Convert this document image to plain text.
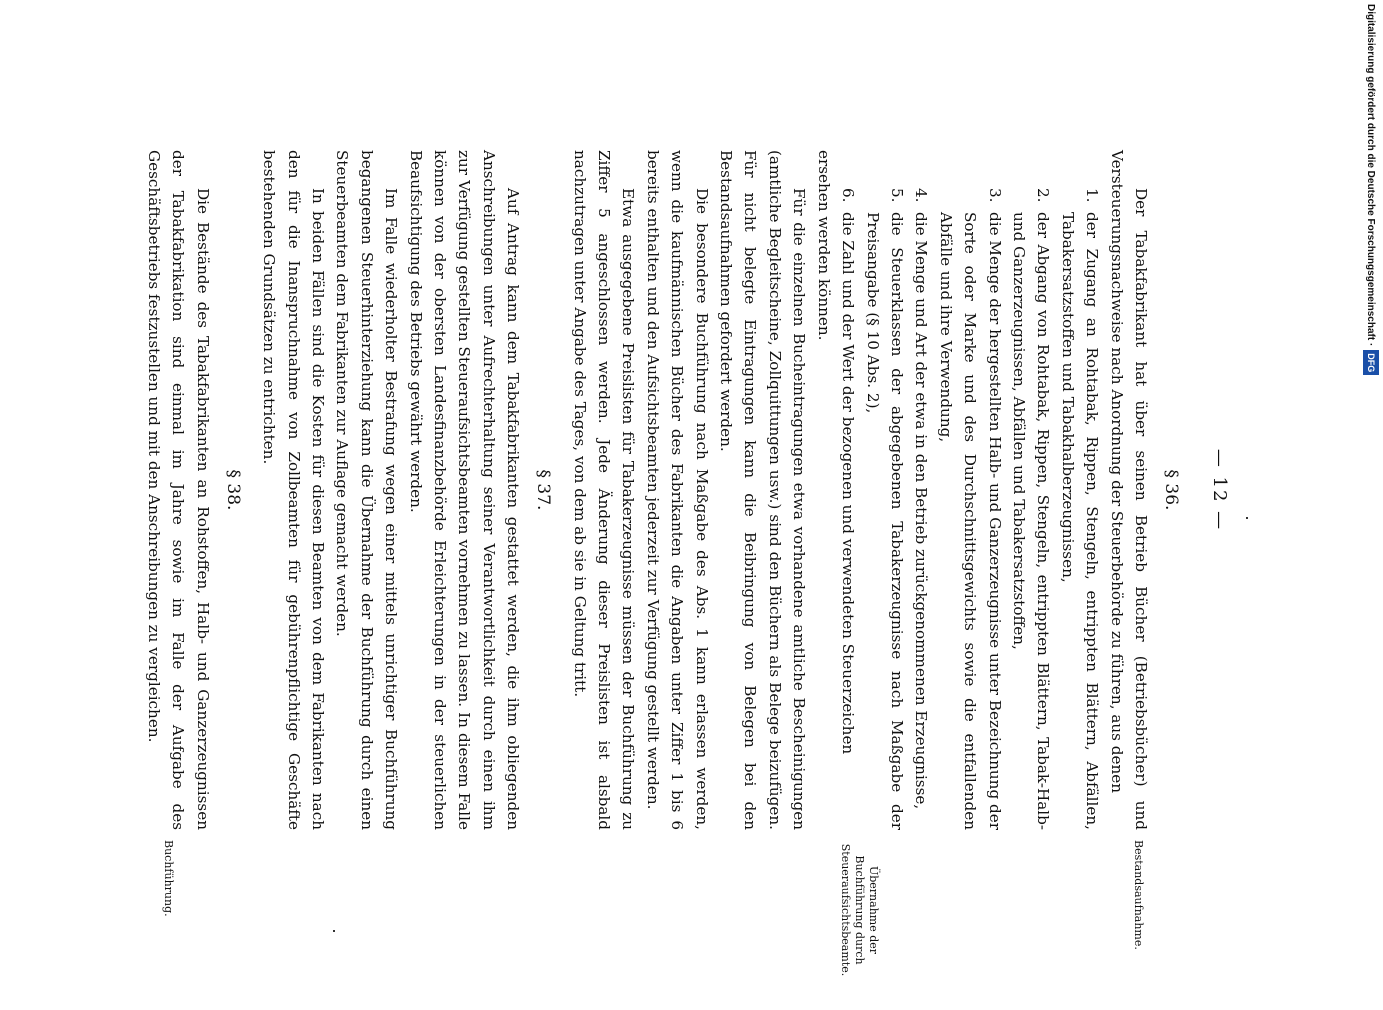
— 12 —
§ 36.

Der Tabakfabrikant hat über seinen Betrieb Bücher (Betriebsbücher) und Versteuerungsnachweise nach Anordnung der Steuerbehörde zu führen, aus denen

1.
der Zugang an Rohtabak, Rippen, Stengeln, entrippten Blättern, Abfällen, Tabakersatzstoffen und Tabakhalberzeugnissen,
2.
der Abgang von Rohtabak, Rippen, Stengeln, entrippten Blättern, Tabak-Halb- und Ganzerzeugnissen, Abfällen und Tabakersatzstoffen,
3.
die Menge der hergestellten Halb- und Ganzerzeugnisse unter Bezeichnung der Sorte oder Marke und des Durchschnittsgewichts sowie die entfallenden Abfälle und ihre Verwendung,
4.
die Menge und Art der etwa in den Betrieb zurückgenommenen Erzeugnisse,
5.
die Steuerklassen der abgegebenen Tabakerzeugnisse nach Maßgabe der Preisangabe (§ 10 Abs. 2),
6.
die Zahl und der Wert der bezogenen und verwendeten Steuerzeichen

ersehen werden können.

Für die einzelnen Bucheintragungen etwa vorhandene amtliche Bescheinigungen (amtliche Begleitscheine, Zollquittungen usw.) sind den Büchern als Belege beizufügen. Für nicht belegte Eintragungen kann die Beibringung von Belegen bei den Bestandsaufnahmen gefordert werden.

Die besondere Buchführung nach Maßgabe des Abs. 1 kann erlassen werden, wenn die kaufmännischen Bücher des Fabrikanten die Angaben unter Ziffer 1 bis 6 bereits enthalten und den Aufsichtsbeamten jederzeit zur Verfügung gestellt werden.

Etwa ausgegebene Preislisten für Tabakerzeugnisse müssen der Buchführung zu Ziffer 5 angeschlossen werden. Jede Änderung dieser Preislisten ist alsbald nachzutragen unter Angabe des Tages, von dem ab sie in Geltung tritt.

§ 37.

Auf Antrag kann dem Tabakfabrikanten gestattet werden, die ihm obliegenden Anschreibungen unter Aufrechterhaltung seiner Verantwortlichkeit durch einen ihm zur Verfügung gestellten Steueraufsichtsbeamten vornehmen zu lassen. In diesem Falle können von der obersten Landesfinanzbehörde Erleichterungen in der steuerlichen Beaufsichtigung des Betriebs gewährt werden.

Im Falle wiederholter Bestrafung wegen einer mittels unrichtiger Buchführung begangenen Steuerhinterziehung kann die Übernahme der Buchführung durch einen Steuerbeamten dem Fabrikanten zur Auflage gemacht werden.

In beiden Fällen sind die Kosten für diesen Beamten von dem Fabrikanten nach den für die Inanspruchnahme von Zollbeamten für gebührenpflichtige Geschäfte bestehenden Grundsätzen zu entrichten.

§ 38.

Die Bestände des Tabakfabrikanten an Rohstoffen, Halb- und Ganzerzeugnissen der Tabakfabrikation sind einmal im Jahre sowie im Falle der Aufgabe des Geschäftsbetriebs festzustellen und mit den Anschreibungen zu vergleichen.

Buchführung.	Übernahme der Buchführung durch Steueraufsichtsbeamte.	Bestandsaufnahme.
Digitalisierung gefördert durch die Deutsche Forschungsgemeinschaft ·DFG
